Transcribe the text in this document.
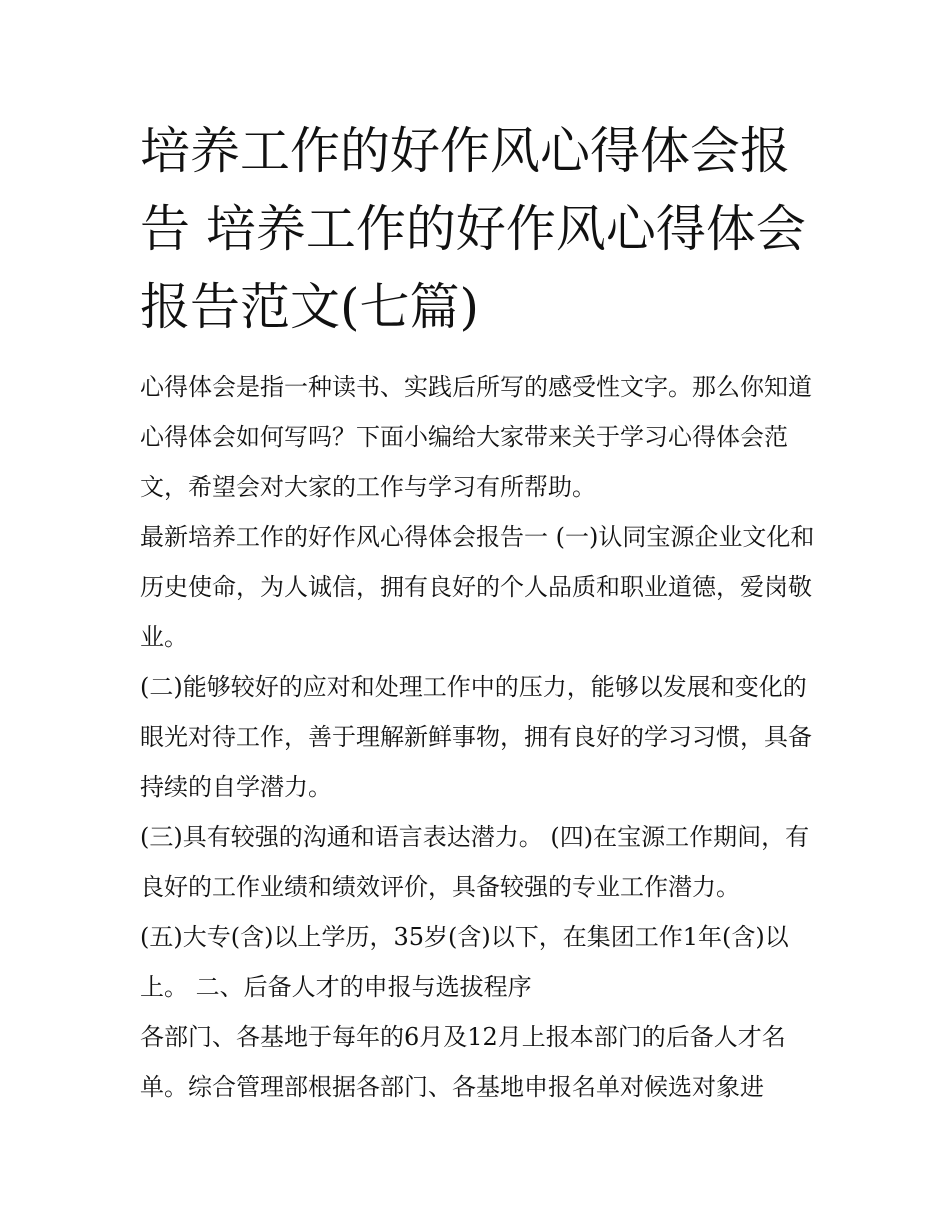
培养工作的好作风心得体会报告 培养工作的好作风心得体会报告范文(七篇)

心得体会是指一种读书、实践后所写的感受性文字。那么你知道心得体会如何写吗？下面小编给大家带来关于学习心得体会范文，希望会对大家的工作与学习有所帮助。

最新培养工作的好作风心得体会报告一 (一)认同宝源企业文化和历史使命，为人诚信，拥有良好的个人品质和职业道德，爱岗敬业。

(二)能够较好的应对和处理工作中的压力，能够以发展和变化的眼光对待工作，善于理解新鲜事物，拥有良好的学习习惯，具备持续的自学潜力。

(三)具有较强的沟通和语言表达潜力。 (四)在宝源工作期间，有良好的工作业绩和绩效评价，具备较强的专业工作潜力。

(五)大专(含)以上学历，35岁(含)以下，在集团工作1年(含)以上。 二、后备人才的申报与选拔程序

各部门、各基地于每年的6月及12月上报本部门的后备人才名单。综合管理部根据各部门、各基地申报名单对候选对象进
